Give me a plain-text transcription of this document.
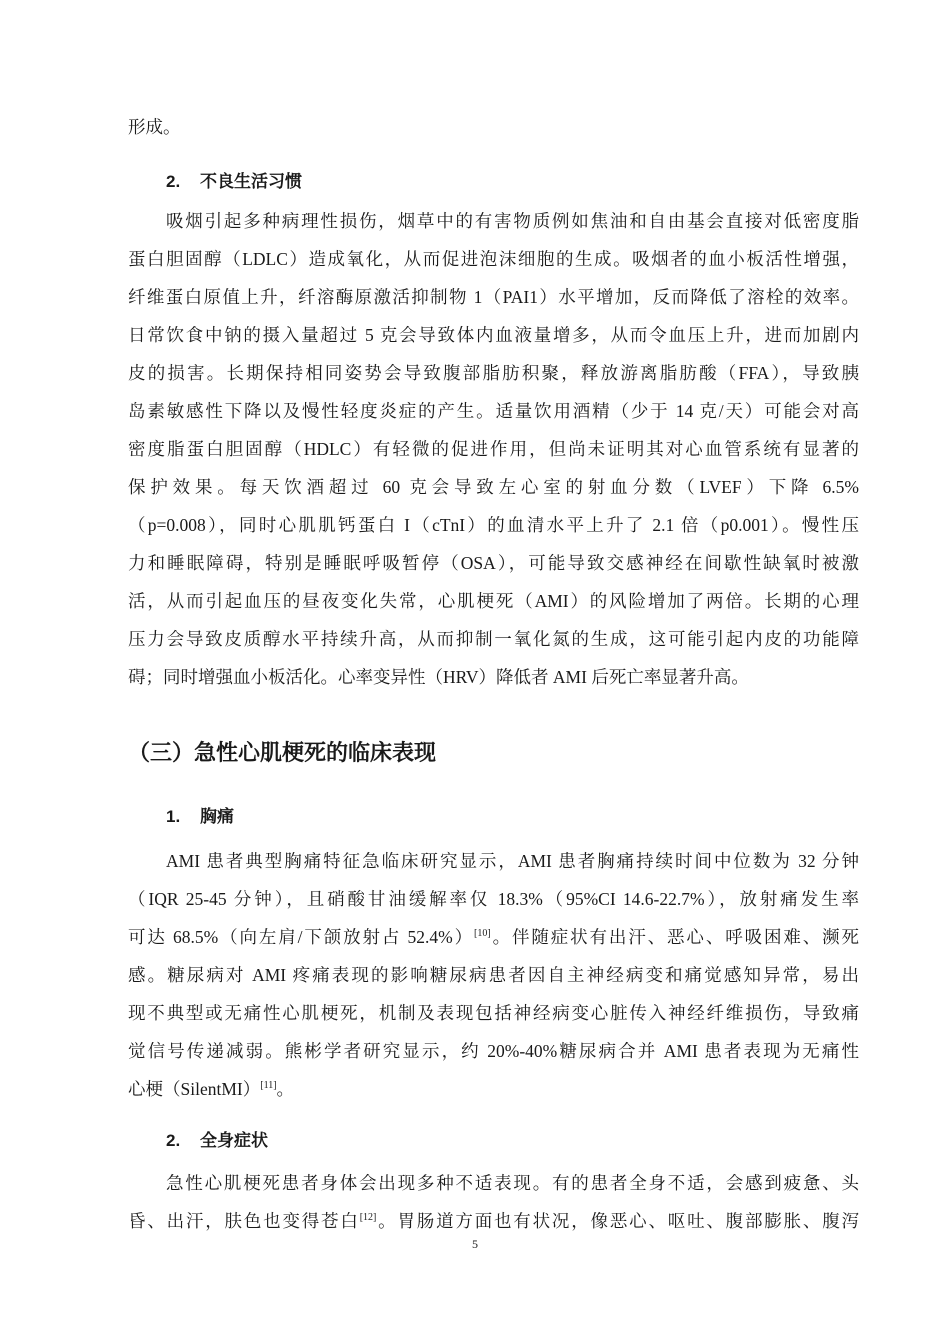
形成。
2. 不良生活习惯
吸烟引起多种病理性损伤，烟草中的有害物质例如焦油和自由基会直接对低密度脂
蛋白胆固醇（LDLC）造成氧化，从而促进泡沫细胞的生成。吸烟者的血小板活性增强，
纤维蛋白原值上升，纤溶酶原激活抑制物 1（PAI1）水平增加，反而降低了溶栓的效率。
日常饮食中钠的摄入量超过 5 克会导致体内血液量增多，从而令血压上升，进而加剧内
皮的损害。长期保持相同姿势会导致腹部脂肪积聚，释放游离脂肪酸（FFA），导致胰
岛素敏感性下降以及慢性轻度炎症的产生。适量饮用酒精（少于 14 克/天）可能会对高
密度脂蛋白胆固醇（HDLC）有轻微的促进作用，但尚未证明其对心血管系统有显著的
保护效果。每天饮酒超过 60 克会导致左心室的射血分数（LVEF）下降 6.5%
（p=0.008），同时心肌肌钙蛋白 I（cTnI）的血清水平上升了 2.1 倍（p0.001）。慢性压
力和睡眠障碍，特别是睡眠呼吸暂停（OSA），可能导致交感神经在间歇性缺氧时被激
活，从而引起血压的昼夜变化失常，心肌梗死（AMI）的风险增加了两倍。长期的心理
压力会导致皮质醇水平持续升高，从而抑制一氧化氮的生成，这可能引起内皮的功能障
碍；同时增强血小板活化。心率变异性（HRV）降低者 AMI 后死亡率显著升高。
（三）急性心肌梗死的临床表现
1. 胸痛
AMI 患者典型胸痛特征急临床研究显示，AMI 患者胸痛持续时间中位数为 32 分钟
（IQR 25-45 分钟），且硝酸甘油缓解率仅 18.3%（95%CI 14.6-22.7%），放射痛发生率
可达 68.5%（向左肩/下颌放射占 52.4%）[10]。伴随症状有出汗、恶心、呼吸困难、濒死
感。糖尿病对 AMI 疼痛表现的影响糖尿病患者因自主神经病变和痛觉感知异常，易出
现不典型或无痛性心肌梗死，机制及表现包括神经病变心脏传入神经纤维损伤，导致痛
觉信号传递减弱。熊彬学者研究显示，约 20%-40%糖尿病合并 AMI 患者表现为无痛性
心梗（SilentMI）[11]。
2. 全身症状
急性心肌梗死患者身体会出现多种不适表现。有的患者全身不适，会感到疲惫、头
昏、出汗，肤色也变得苍白[12]。胃肠道方面也有状况，像恶心、呕吐、腹部膨胀、腹泻
5
